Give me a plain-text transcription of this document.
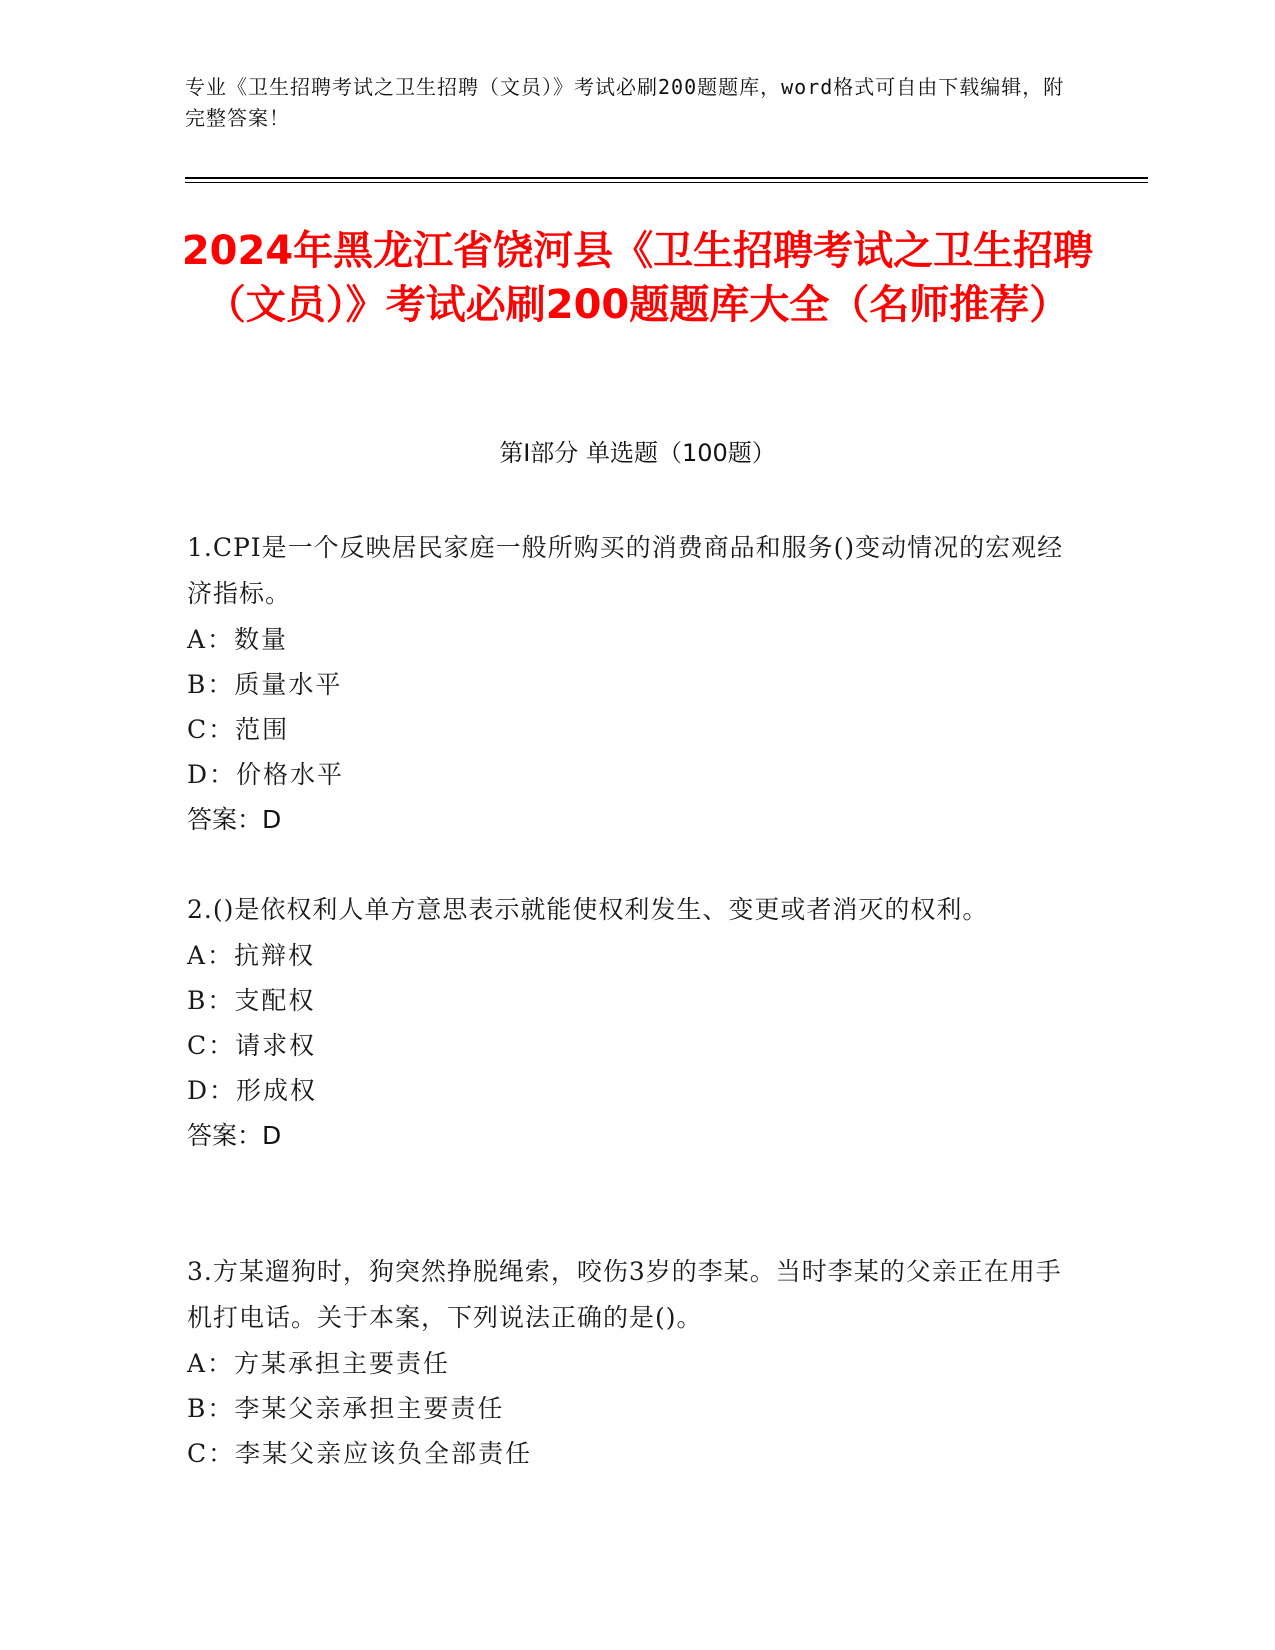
专业《卫生招聘考试之卫生招聘（文员）》考试必刷200题题库，word格式可自由下载编辑，附完整答案！
2024年黑龙江省饶河县《卫生招聘考试之卫生招聘（文员）》考试必刷200题题库大全（名师推荐）
第Ⅰ部分 单选题（100题）
1.CPI是一个反映居民家庭一般所购买的消费商品和服务()变动情况的宏观经济指标。
A：数量
B：质量水平
C：范围
D：价格水平
答案：D
2.()是依权利人单方意思表示就能使权利发生、变更或者消灭的权利。
A：抗辩权
B：支配权
C：请求权
D：形成权
答案：D
3.方某遛狗时，狗突然挣脱绳索，咬伤3岁的李某。当时李某的父亲正在用手机打电话。关于本案，下列说法正确的是()。
A：方某承担主要责任
B：李某父亲承担主要责任
C：李某父亲应该负全部责任
